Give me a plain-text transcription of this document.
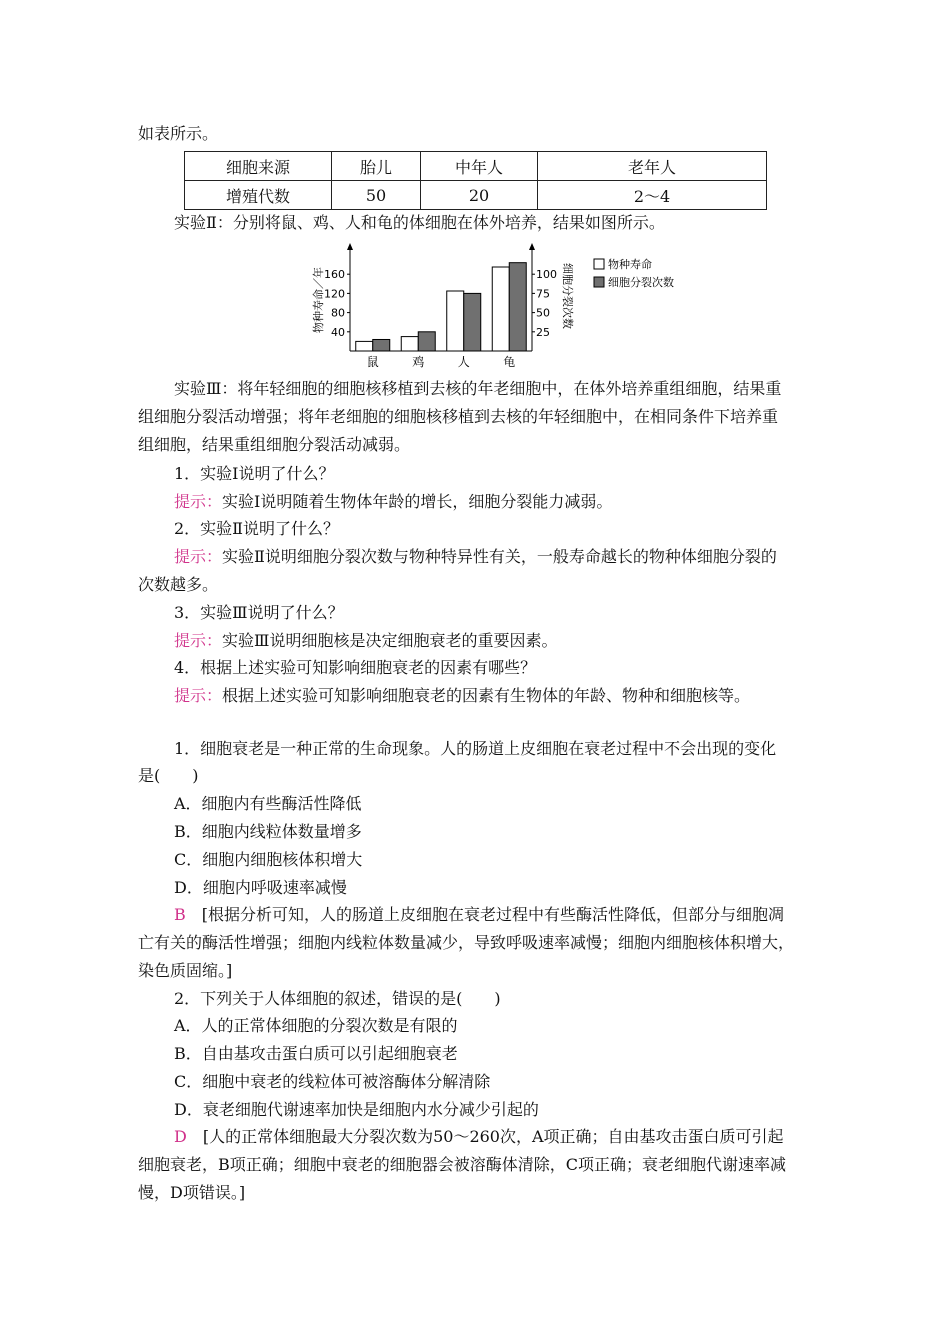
如表所示。
细胞来源	胎儿	中年人	老年人
增殖代数	50	20	2～4
实验Ⅱ：分别将鼠、鸡、人和龟的体细胞在体外培养，结果如图所示。
40
80
120
160
25
50
75
100
物种寿命／年	细胞分裂次数
鼠	鸡	人	龟
物种寿命
细胞分裂次数
实验Ⅲ：将年轻细胞的细胞核移植到去核的年老细胞中，在体外培养重组细胞，结果重
组细胞分裂活动增强；将年老细胞的细胞核移植到去核的年轻细胞中，在相同条件下培养重
组细胞，结果重组细胞分裂活动减弱。
1．实验Ⅰ说明了什么？
提示：实验Ⅰ说明随着生物体年龄的增长，细胞分裂能力减弱。
2．实验Ⅱ说明了什么？
提示：实验Ⅱ说明细胞分裂次数与物种特异性有关，一般寿命越长的物种体细胞分裂的
次数越多。
3．实验Ⅲ说明了什么？
提示：实验Ⅲ说明细胞核是决定细胞衰老的重要因素。
4．根据上述实验可知影响细胞衰老的因素有哪些？
提示：根据上述实验可知影响细胞衰老的因素有生物体的年龄、物种和细胞核等。
1．细胞衰老是一种正常的生命现象。人的肠道上皮细胞在衰老过程中不会出现的变化
是(　　)
A．细胞内有些酶活性降低
B．细胞内线粒体数量增多
C．细胞内细胞核体积增大
D．细胞内呼吸速率减慢
B　 [根据分析可知，人的肠道上皮细胞在衰老过程中有些酶活性降低，但部分与细胞凋
亡有关的酶活性增强；细胞内线粒体数量减少，导致呼吸速率减慢；细胞内细胞核体积增大，
染色质固缩。]
2．下列关于人体细胞的叙述，错误的是(　　)
A．人的正常体细胞的分裂次数是有限的
B．自由基攻击蛋白质可以引起细胞衰老
C．细胞中衰老的线粒体可被溶酶体分解清除
D．衰老细胞代谢速率加快是细胞内水分减少引起的
D　 [人的正常体细胞最大分裂次数为50～260次，A项正确；自由基攻击蛋白质可引起
细胞衰老，B项正确；细胞中衰老的细胞器会被溶酶体清除，C项正确；衰老细胞代谢速率减
慢，D项错误。]
